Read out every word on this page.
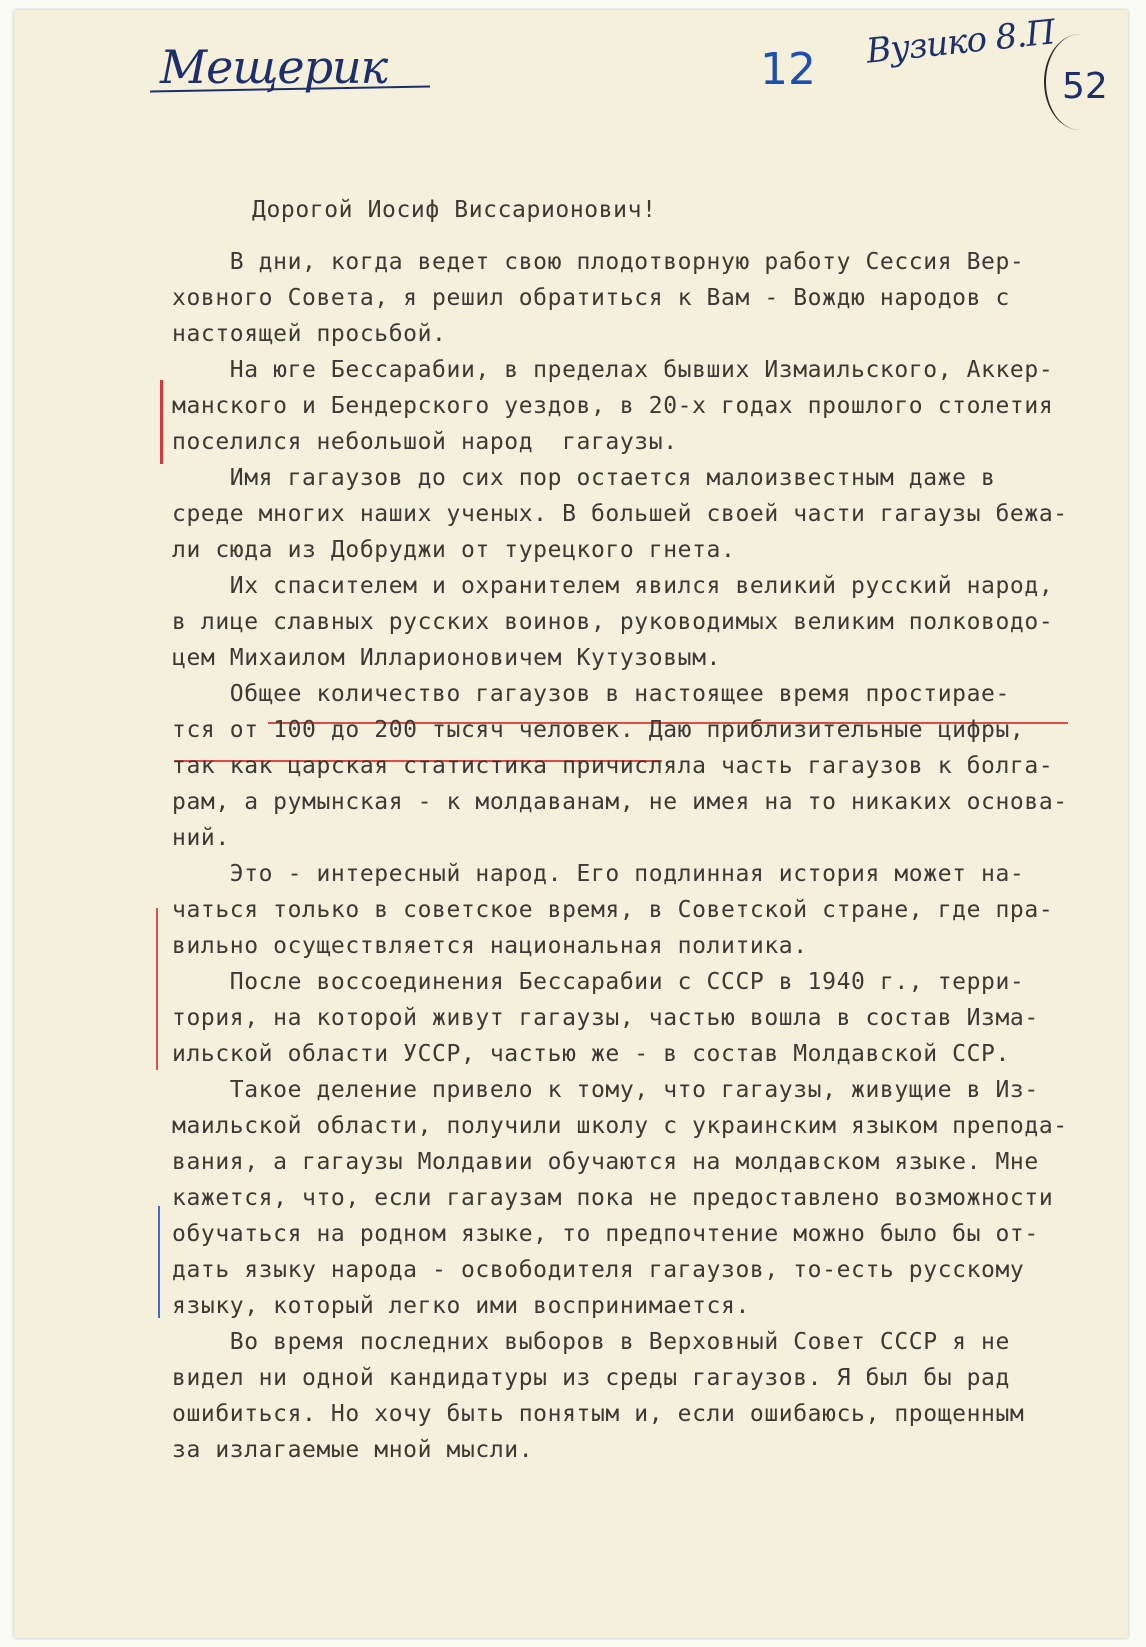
Мещерик	12 Вузико 8.П
52

Дорогой Иосиф Виссарионович!

В дни, когда ведет свою плодотворную работу Сессия Вер-

ховного Совета, я решил обратиться к Вам - Вождю народов с

настоящей просьбой.

На юге Бессарабии, в пределах бывших Измаильского, Аккер-

манского и Бендерского уездов, в 20-х годах прошлого столетия

поселился небольшой народ  гагаузы.

Имя гагаузов до сих пор остается малоизвестным даже в

среде многих наших ученых. В большей своей части гагаузы бежа-

ли сюда из Добруджи от турецкого гнета.

Их спасителем и охранителем явился великий русский народ,

в лице славных русских воинов, руководимых великим полководо-

цем Михаилом Илларионовичем Кутузовым.

Общее количество гагаузов в настоящее время простирае-

тся от 100 до 200 тысяч человек. Даю приблизительные цифры,

так как царская статистика причисляла часть гагаузов к болга-

рам, а румынская - к молдаванам, не имея на то никаких основа-

ний.

Это - интересный народ. Его подлинная история может на-

чаться только в советское время, в Советской стране, где пра-

вильно осуществляется национальная политика.

После воссоединения Бессарабии с СССР в 1940 г., терри-

тория, на которой живут гагаузы, частью вошла в состав Изма-

ильской области УССР, частью же - в состав Молдавской ССР.

Такое деление привело к тому, что гагаузы, живущие в Из-

маильской области, получили школу с украинским языком препода-

вания, а гагаузы Молдавии обучаются на молдавском языке. Мне

кажется, что, если гагаузам пока не предоставлено возможности

обучаться на родном языке, то предпочтение можно было бы от-

дать языку народа - освободителя гагаузов, то-есть русскому

языку, который легко ими воспринимается.

Во время последних выборов в Верховный Совет СССР я не

видел ни одной кандидатуры из среды гагаузов. Я был бы рад

ошибиться. Но хочу быть понятым и, если ошибаюсь, прощенным

за излагаемые мной мысли.
